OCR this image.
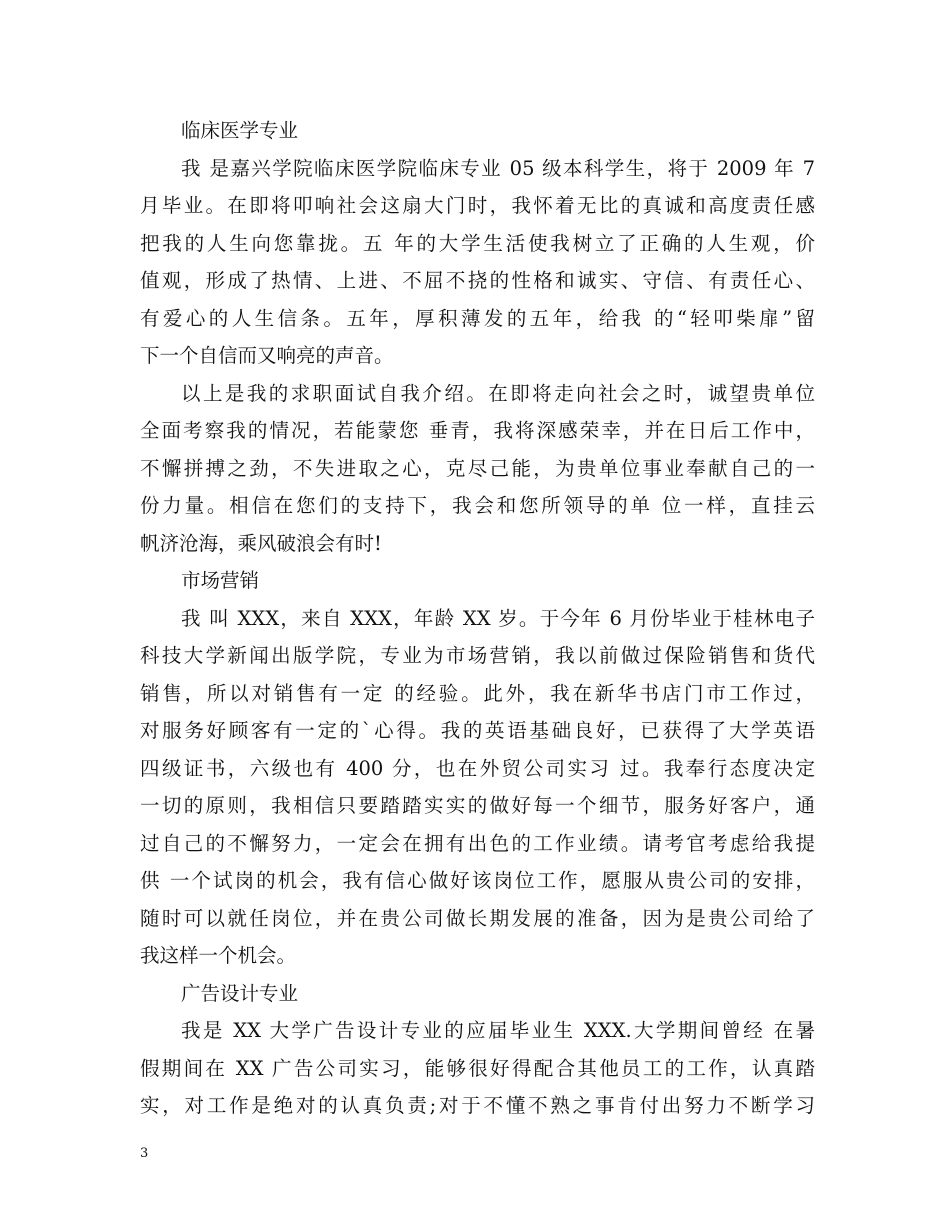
临床医学专业
我 是嘉兴学院临床医学院临床专业 05 级本科学生，将于 2009 年 7
月毕业。在即将叩响社会这扇大门时，我怀着无比的真诚和高度责任感
把我的人生向您靠拢。五 年的大学生活使我树立了正确的人生观，价
值观，形成了热情、上进、不屈不挠的性格和诚实、守信、有责任心、
有爱心的人生信条。五年，厚积薄发的五年，给我 的“轻叩柴扉”留
下一个自信而又响亮的声音。
以上是我的求职面试自我介绍。在即将走向社会之时，诚望贵单位
全面考察我的情况，若能蒙您 垂青，我将深感荣幸，并在日后工作中，
不懈拼搏之劲，不失进取之心，克尽己能，为贵单位事业奉献自己的一
份力量。相信在您们的支持下，我会和您所领导的单 位一样，直挂云
帆济沧海，乘风破浪会有时!
市场营销
我 叫 XXX，来自 XXX，年龄 XX 岁。于今年 6 月份毕业于桂林电子
科技大学新闻出版学院，专业为市场营销，我以前做过保险销售和货代
销售，所以对销售有一定 的经验。此外，我在新华书店门市工作过，
对服务好顾客有一定的`心得。我的英语基础良好，已获得了大学英语
四级证书，六级也有 400 分，也在外贸公司实习 过。我奉行态度决定
一切的原则，我相信只要踏踏实实的做好每一个细节，服务好客户，通
过自己的不懈努力，一定会在拥有出色的工作业绩。请考官考虑给我提
供 一个试岗的机会，我有信心做好该岗位工作，愿服从贵公司的安排，
随时可以就任岗位，并在贵公司做长期发展的准备，因为是贵公司给了
我这样一个机会。
广告设计专业
我是 XX 大学广告设计专业的应届毕业生 XXX.大学期间曾经 在暑
假期间在 XX 广告公司实习，能够很好得配合其他员工的工作，认真踏
实，对工作是绝对的认真负责;对于不懂不熟之事肯付出努力不断学习
3
